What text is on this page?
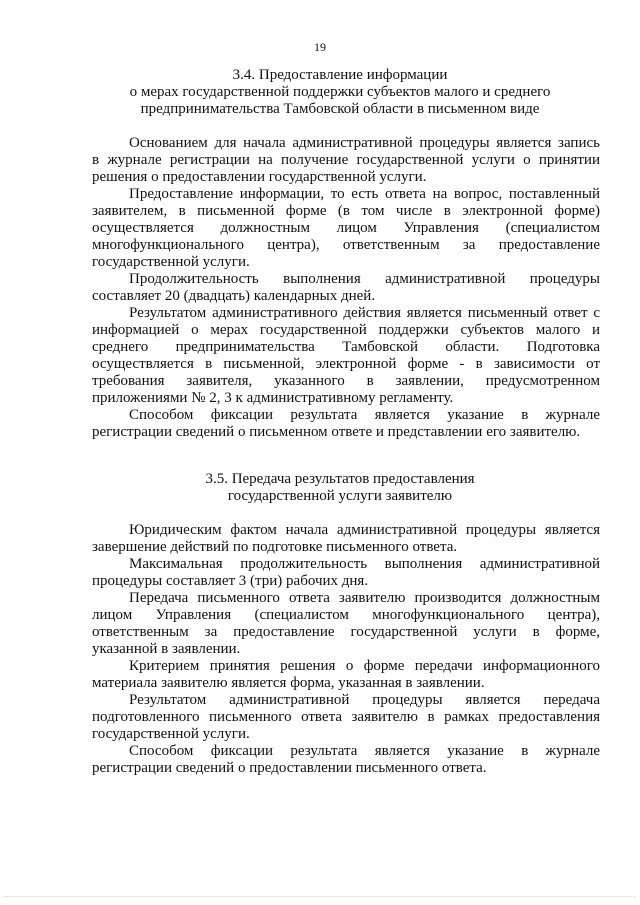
19
3.4. Предоставление информации
о мерах государственной поддержки субъектов малого и среднего
предпринимательства Тамбовской области в письменном виде
Основанием для начала административной процедуры является запись
в журнале регистрации на получение государственной услуги о принятии
решения о предоставлении государственной услуги.
Предоставление информации, то есть ответа на вопрос, поставленный
заявителем, в письменной форме (в том числе в электронной форме)
осуществляется должностным лицом Управления (специалистом
многофункционального центра), ответственным за предоставление
государственной услуги.
Продолжительность выполнения административной процедуры
составляет 20 (двадцать) календарных дней.
Результатом административного действия является письменный ответ с
информацией о мерах государственной поддержки субъектов малого и
среднего предпринимательства Тамбовской области. Подготовка
осуществляется в письменной, электронной форме - в зависимости от
требования заявителя, указанного в заявлении, предусмотренном
приложениями № 2, 3 к административному регламенту.
Способом фиксации результата является указание в журнале
регистрации сведений о письменном ответе и представлении его заявителю.
3.5. Передача результатов предоставления
государственной услуги заявителю
Юридическим фактом начала административной процедуры является
завершение действий по подготовке письменного ответа.
Максимальная продолжительность выполнения административной
процедуры составляет 3 (три) рабочих дня.
Передача письменного ответа заявителю производится должностным
лицом Управления (специалистом многофункционального центра),
ответственным за предоставление государственной услуги в форме,
указанной в заявлении.
Критерием принятия решения о форме передачи информационного
материала заявителю является форма, указанная в заявлении.
Результатом административной процедуры является передача
подготовленного письменного ответа заявителю в рамках предоставления
государственной услуги.
Способом фиксации результата является указание в журнале
регистрации сведений о предоставлении письменного ответа.
